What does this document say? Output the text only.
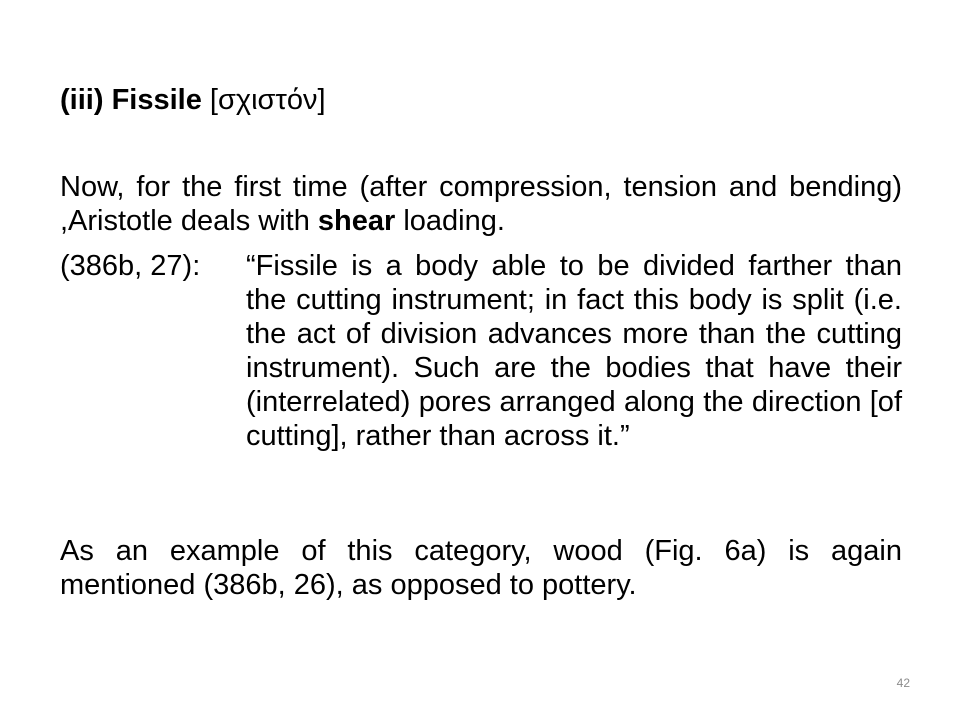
(iii) Fissile [σχιστόν]
Now, for the first time (after compression, tension and bending) ,Aristotle deals with shear loading.
(386b, 27): “Fissile is a body able to be divided farther than the cutting instrument; in fact this body is split (i.e. the act of division advances more than the cutting instrument). Such are the bodies that have their (interrelated) pores arranged along the direction [of cutting], rather than across it.”
As an example of this category, wood (Fig. 6a) is again mentioned (386b, 26), as opposed to pottery.
42
